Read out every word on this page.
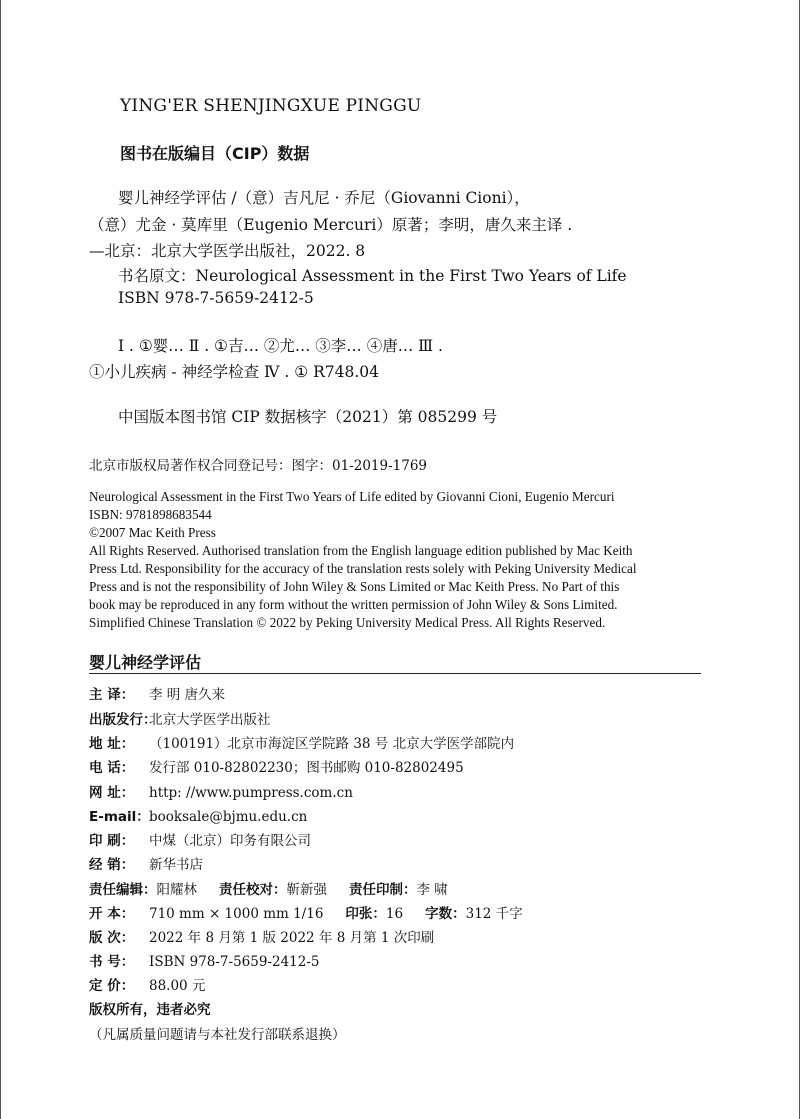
YING'ER SHENJINGXUE PINGGU
图书在版编目（CIP）数据
婴儿神经学评估 /（意）吉凡尼 · 乔尼（Giovanni Cioni），
（意）尤金 · 莫库里（Eugenio Mercuri）原著；李明，唐久来主译 .
—北京：北京大学医学出版社，2022. 8
书名原文：Neurological Assessment in the First Two Years of Life
ISBN 978-7-5659-2412-5
Ⅰ . ①婴… Ⅱ . ①吉… ②尤… ③李… ④唐… Ⅲ .
①小儿疾病 - 神经学检查 Ⅳ . ① R748.04
中国版本图书馆 CIP 数据核字（2021）第 085299 号
北京市版权局著作权合同登记号：图字：01-2019-1769
Neurological Assessment in the First Two Years of Life edited by Giovanni Cioni, Eugenio Mercuri
ISBN: 9781898683544
©2007 Mac Keith Press
All Rights Reserved. Authorised translation from the English language edition published by Mac Keith
Press Ltd. Responsibility for the accuracy of the translation rests solely with Peking University Medical
Press and is not the responsibility of John Wiley & Sons Limited or Mac Keith Press. No Part of this
book may be reproduced in any form without the written permission of John Wiley & Sons Limited.
Simplified Chinese Translation © 2022 by Peking University Medical Press. All Rights Reserved.
婴儿神经学评估
主 译： 李 明 唐久来
出版发行：北京大学医学出版社
地 址： （100191）北京市海淀区学院路 38 号 北京大学医学部院内
电 话： 发行部 010-82802230；图书邮购 010-82802495
网 址： http: //www.pumpress.com.cn
E-mail：booksale@bjmu.edu.cn
印 刷： 中煤（北京）印务有限公司
经 销： 新华书店
责任编辑：阳耀林 责任校对：靳新强 责任印制：李 啸
开 本： 710 mm × 1000 mm 1/16 印张：16 字数：312 千字
版 次： 2022 年 8 月第 1 版 2022 年 8 月第 1 次印刷
书 号： ISBN 978-7-5659-2412-5
定 价： 88.00 元
版权所有，违者必究
（凡属质量问题请与本社发行部联系退换）
